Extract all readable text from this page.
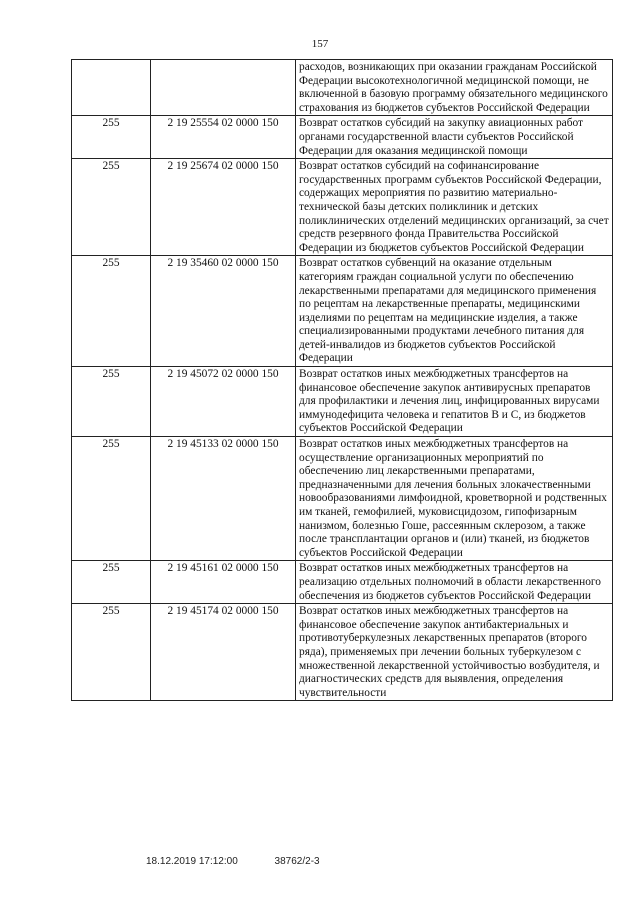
157
		расходов, возникающих при оказании гражданам Российской Федерации высокотехнологичной медицинской помощи, не включенной в базовую программу обязательного медицинского страхования из бюджетов субъектов Российской Федерации
255	2 19 25554 02 0000 150	Возврат остатков субсидий на закупку авиационных работ органами государственной власти субъектов Российской Федерации для оказания медицинской помощи
255	2 19 25674 02 0000 150	Возврат остатков субсидий на софинансирование государственных программ субъектов Российской Федерации, содержащих мероприятия по развитию материально-технической базы детских поликлиник и детских поликлинических отделений медицинских организаций, за счет средств резервного фонда Правительства Российской Федерации из бюджетов субъектов Российской Федерации
255	2 19 35460 02 0000 150	Возврат остатков субвенций на оказание отдельным категориям граждан социальной услуги по обеспечению лекарственными препаратами для медицинского применения по рецептам на лекарственные препараты, медицинскими изделиями по рецептам на медицинские изделия, а также специализированными продуктами лечебного питания для детей-инвалидов из бюджетов субъектов Российской Федерации
255	2 19 45072 02 0000 150	Возврат остатков иных межбюджетных трансфертов на финансовое обеспечение закупок антивирусных препаратов для профилактики и лечения лиц, инфицированных вирусами иммунодефицита человека и гепатитов B и C, из бюджетов субъектов Российской Федерации
255	2 19 45133 02 0000 150	Возврат остатков иных межбюджетных трансфертов на осуществление организационных мероприятий по обеспечению лиц лекарственными препаратами, предназначенными для лечения больных злокачественными новообразованиями лимфоидной, кроветворной и родственных им тканей, гемофилией, муковисцидозом, гипофизарным нанизмом, болезнью Гоше, рассеянным склерозом, а также после трансплантации органов и (или) тканей, из бюджетов субъектов Российской Федерации
255	2 19 45161 02 0000 150	Возврат остатков иных межбюджетных трансфертов на реализацию отдельных полномочий в области лекарственного обеспечения из бюджетов субъектов Российской Федерации
255	2 19 45174 02 0000 150	Возврат остатков иных межбюджетных трансфертов на финансовое обеспечение закупок антибактериальных и противотуберкулезных лекарственных препаратов (второго ряда), применяемых при лечении больных туберкулезом с множественной лекарственной устойчивостью возбудителя, и диагностических средств для выявления, определения чувствительности
18.12.2019 17:12:00	38762/2-3
